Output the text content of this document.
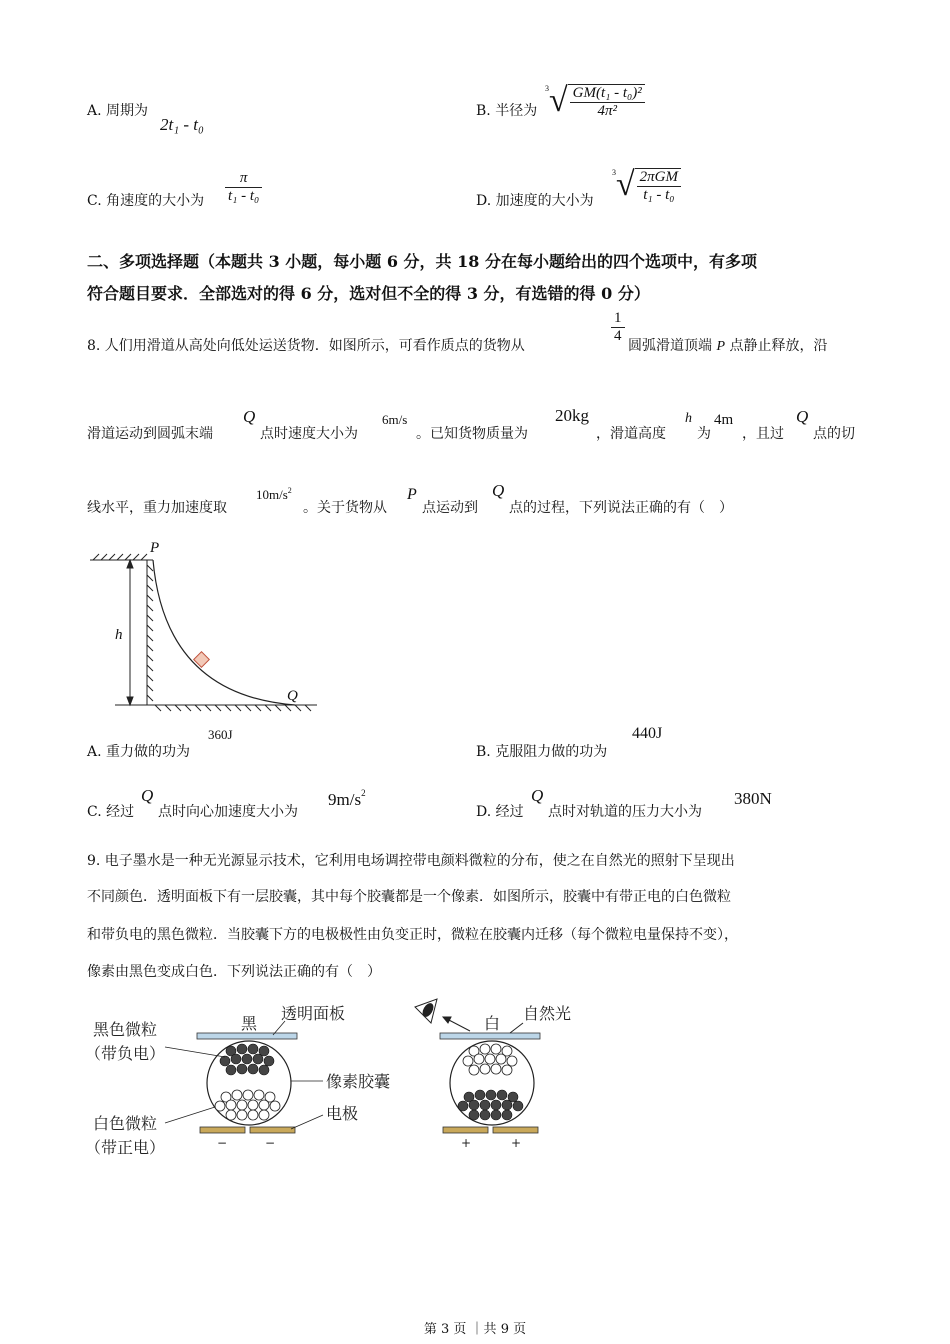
A. 周期为
2t₁ - t₀
B. 半径为
$^3√ \frac{\text{GM(t₁ - t₀)²}}{\text{4π²}}$
C. 角速度的大小为 $\frac{\pi}{\text{t₁ - t₀}}$	D. 加速度的大小为
$^3√ \frac{\text{2πGM}}{\text{t₁ - t₀}}$
二、多项选择题（本题共 3 小题，每小题 6 分，共 18 分在每小题给出的四个选项中，有多项
符合题目要求．全部选对的得 6 分，选对但不全的得 3 分，有选错的得 0 分）
8. 人们用滑道从高处向低处运送货物．如图所示，可看作质点的货物从
$\frac{1}{4}$
圆弧滑道顶端 P 点静止释放，沿
滑道运动到圆弧末端
Q
点时速度大小为
6m/s
。已知货物质量为
20kg
，滑道高度
h
为
4m
，且过
Q
点的切
线水平，重力加速度取
$10m/s^2$
。关于货物从
P
点运动到
Q
点的过程，下列说法正确的有（　）
P
h
Q
A. 重力做的功为
360J
B. 克服阻力做的功为
440J
C. 经过
Q
点时向心加速度大小为
$9m/s^2$
D. 经过
Q
点时对轨道的压力大小为
380N
9. 电子墨水是一种无光源显示技术，它利用电场调控带电颜料微粒的分布，使之在自然光的照射下呈现出
不同颜色．透明面板下有一层胶囊，其中每个胶囊都是一个像素．如图所示，胶囊中有带正电的白色微粒
和带负电的黑色微粒．当胶囊下方的电极极性由负变正时，微粒在胶囊内迁移（每个微粒电量保持不变），
像素由黑色变成白色．下列说法正确的有（　）
黑色微粒
（带负电）
黑
透明面板
像素胶囊
白色微粒
（带正电）
电极
白
自然光
−	−	+	+
第 3 页 ｜共 9 页
